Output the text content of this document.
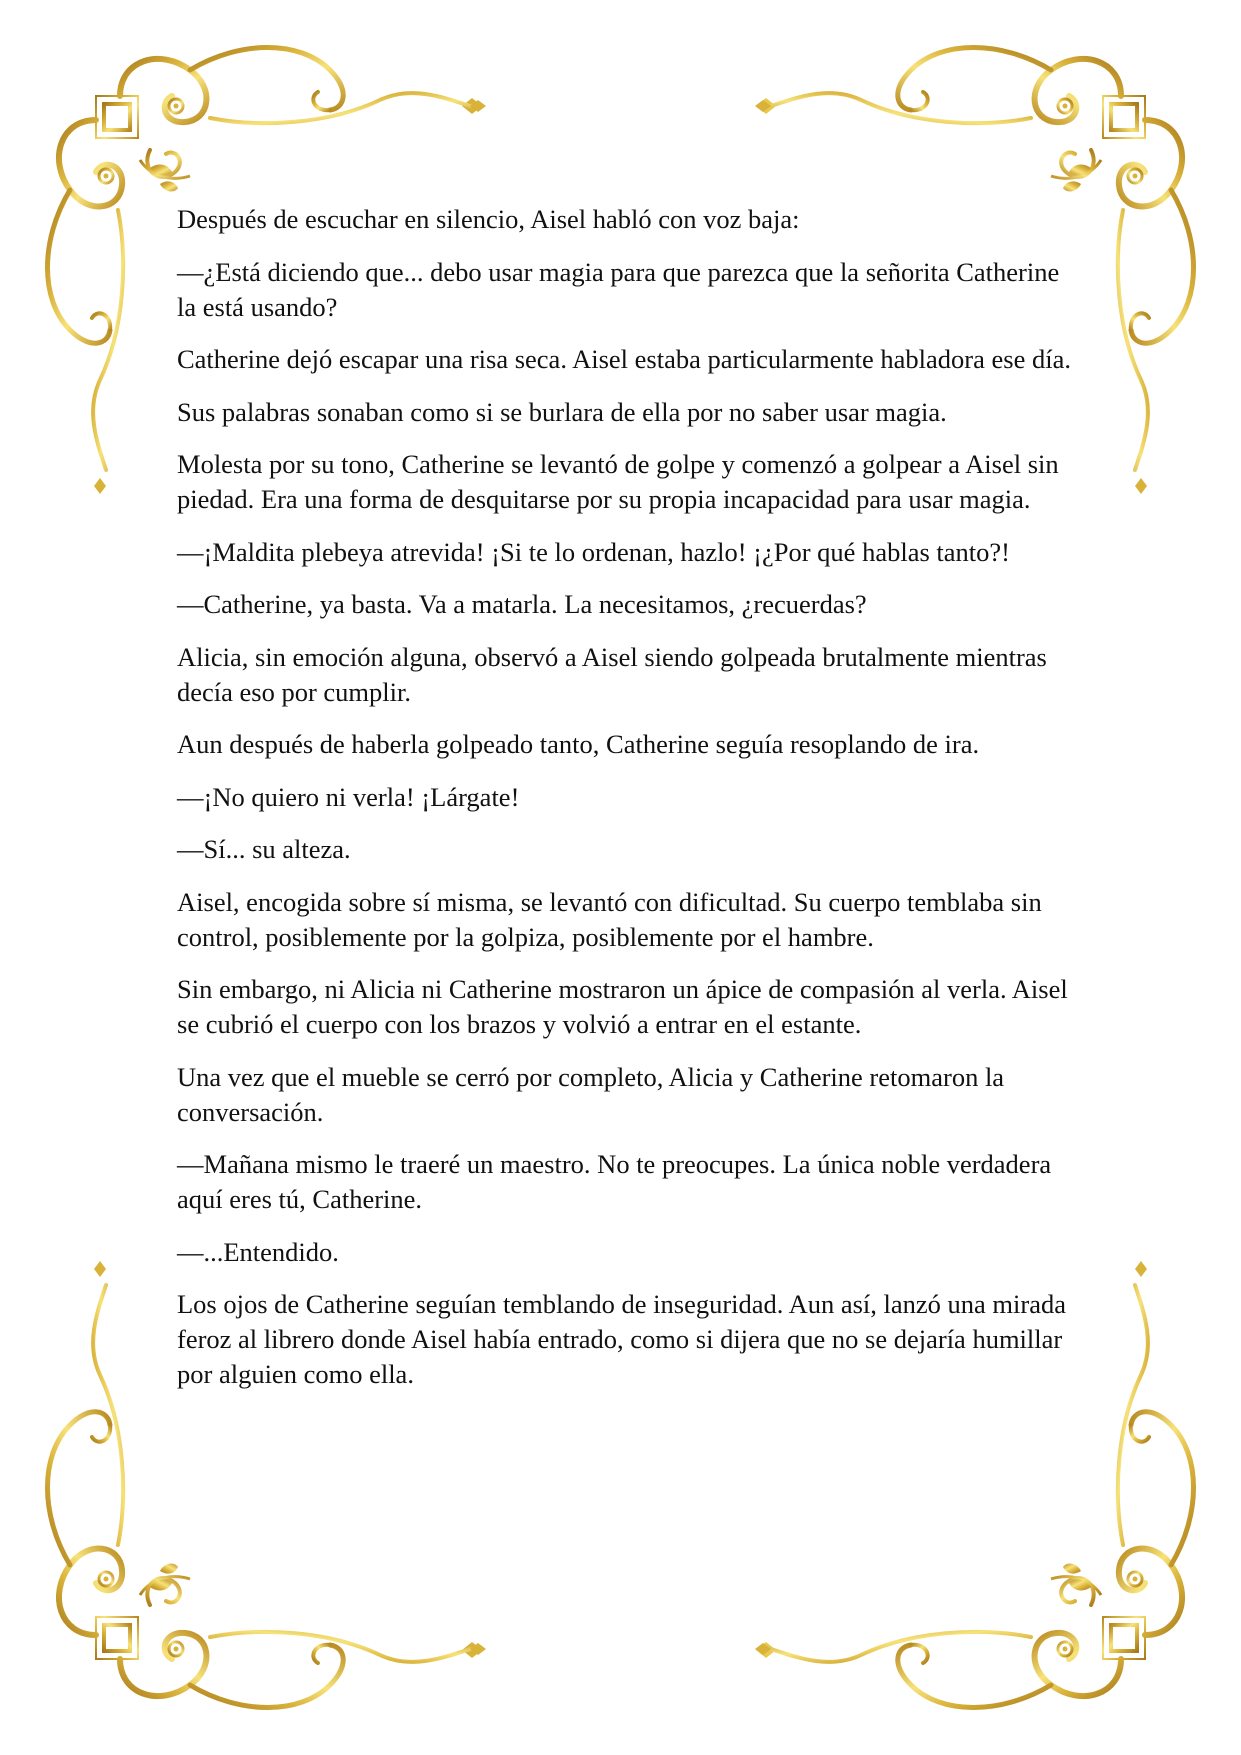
Después de escuchar en silencio, Aisel habló con voz baja:

—¿Está diciendo que... debo usar magia para que parezca que la señorita Catherine la está usando?

Catherine dejó escapar una risa seca. Aisel estaba particularmente habladora ese día.

Sus palabras sonaban como si se burlara de ella por no saber usar magia.

Molesta por su tono, Catherine se levantó de golpe y comenzó a golpear a Aisel sin piedad. Era una forma de desquitarse por su propia incapacidad para usar magia.

—¡Maldita plebeya atrevida! ¡Si te lo ordenan, hazlo! ¡¿Por qué hablas tanto?!

—Catherine, ya basta. Va a matarla. La necesitamos, ¿recuerdas?

Alicia, sin emoción alguna, observó a Aisel siendo golpeada brutalmente mientras decía eso por cumplir.

Aun después de haberla golpeado tanto, Catherine seguía resoplando de ira.

—¡No quiero ni verla! ¡Lárgate!

—Sí... su alteza.

Aisel, encogida sobre sí misma, se levantó con dificultad. Su cuerpo temblaba sin control, posiblemente por la golpiza, posiblemente por el hambre.

Sin embargo, ni Alicia ni Catherine mostraron un ápice de compasión al verla. Aisel se cubrió el cuerpo con los brazos y volvió a entrar en el estante.

Una vez que el mueble se cerró por completo, Alicia y Catherine retomaron la conversación.

—Mañana mismo le traeré un maestro. No te preocupes. La única noble verdadera aquí eres tú, Catherine.

—...Entendido.

Los ojos de Catherine seguían temblando de inseguridad. Aun así, lanzó una mirada feroz al librero donde Aisel había entrado, como si dijera que no se dejaría humillar por alguien como ella.
